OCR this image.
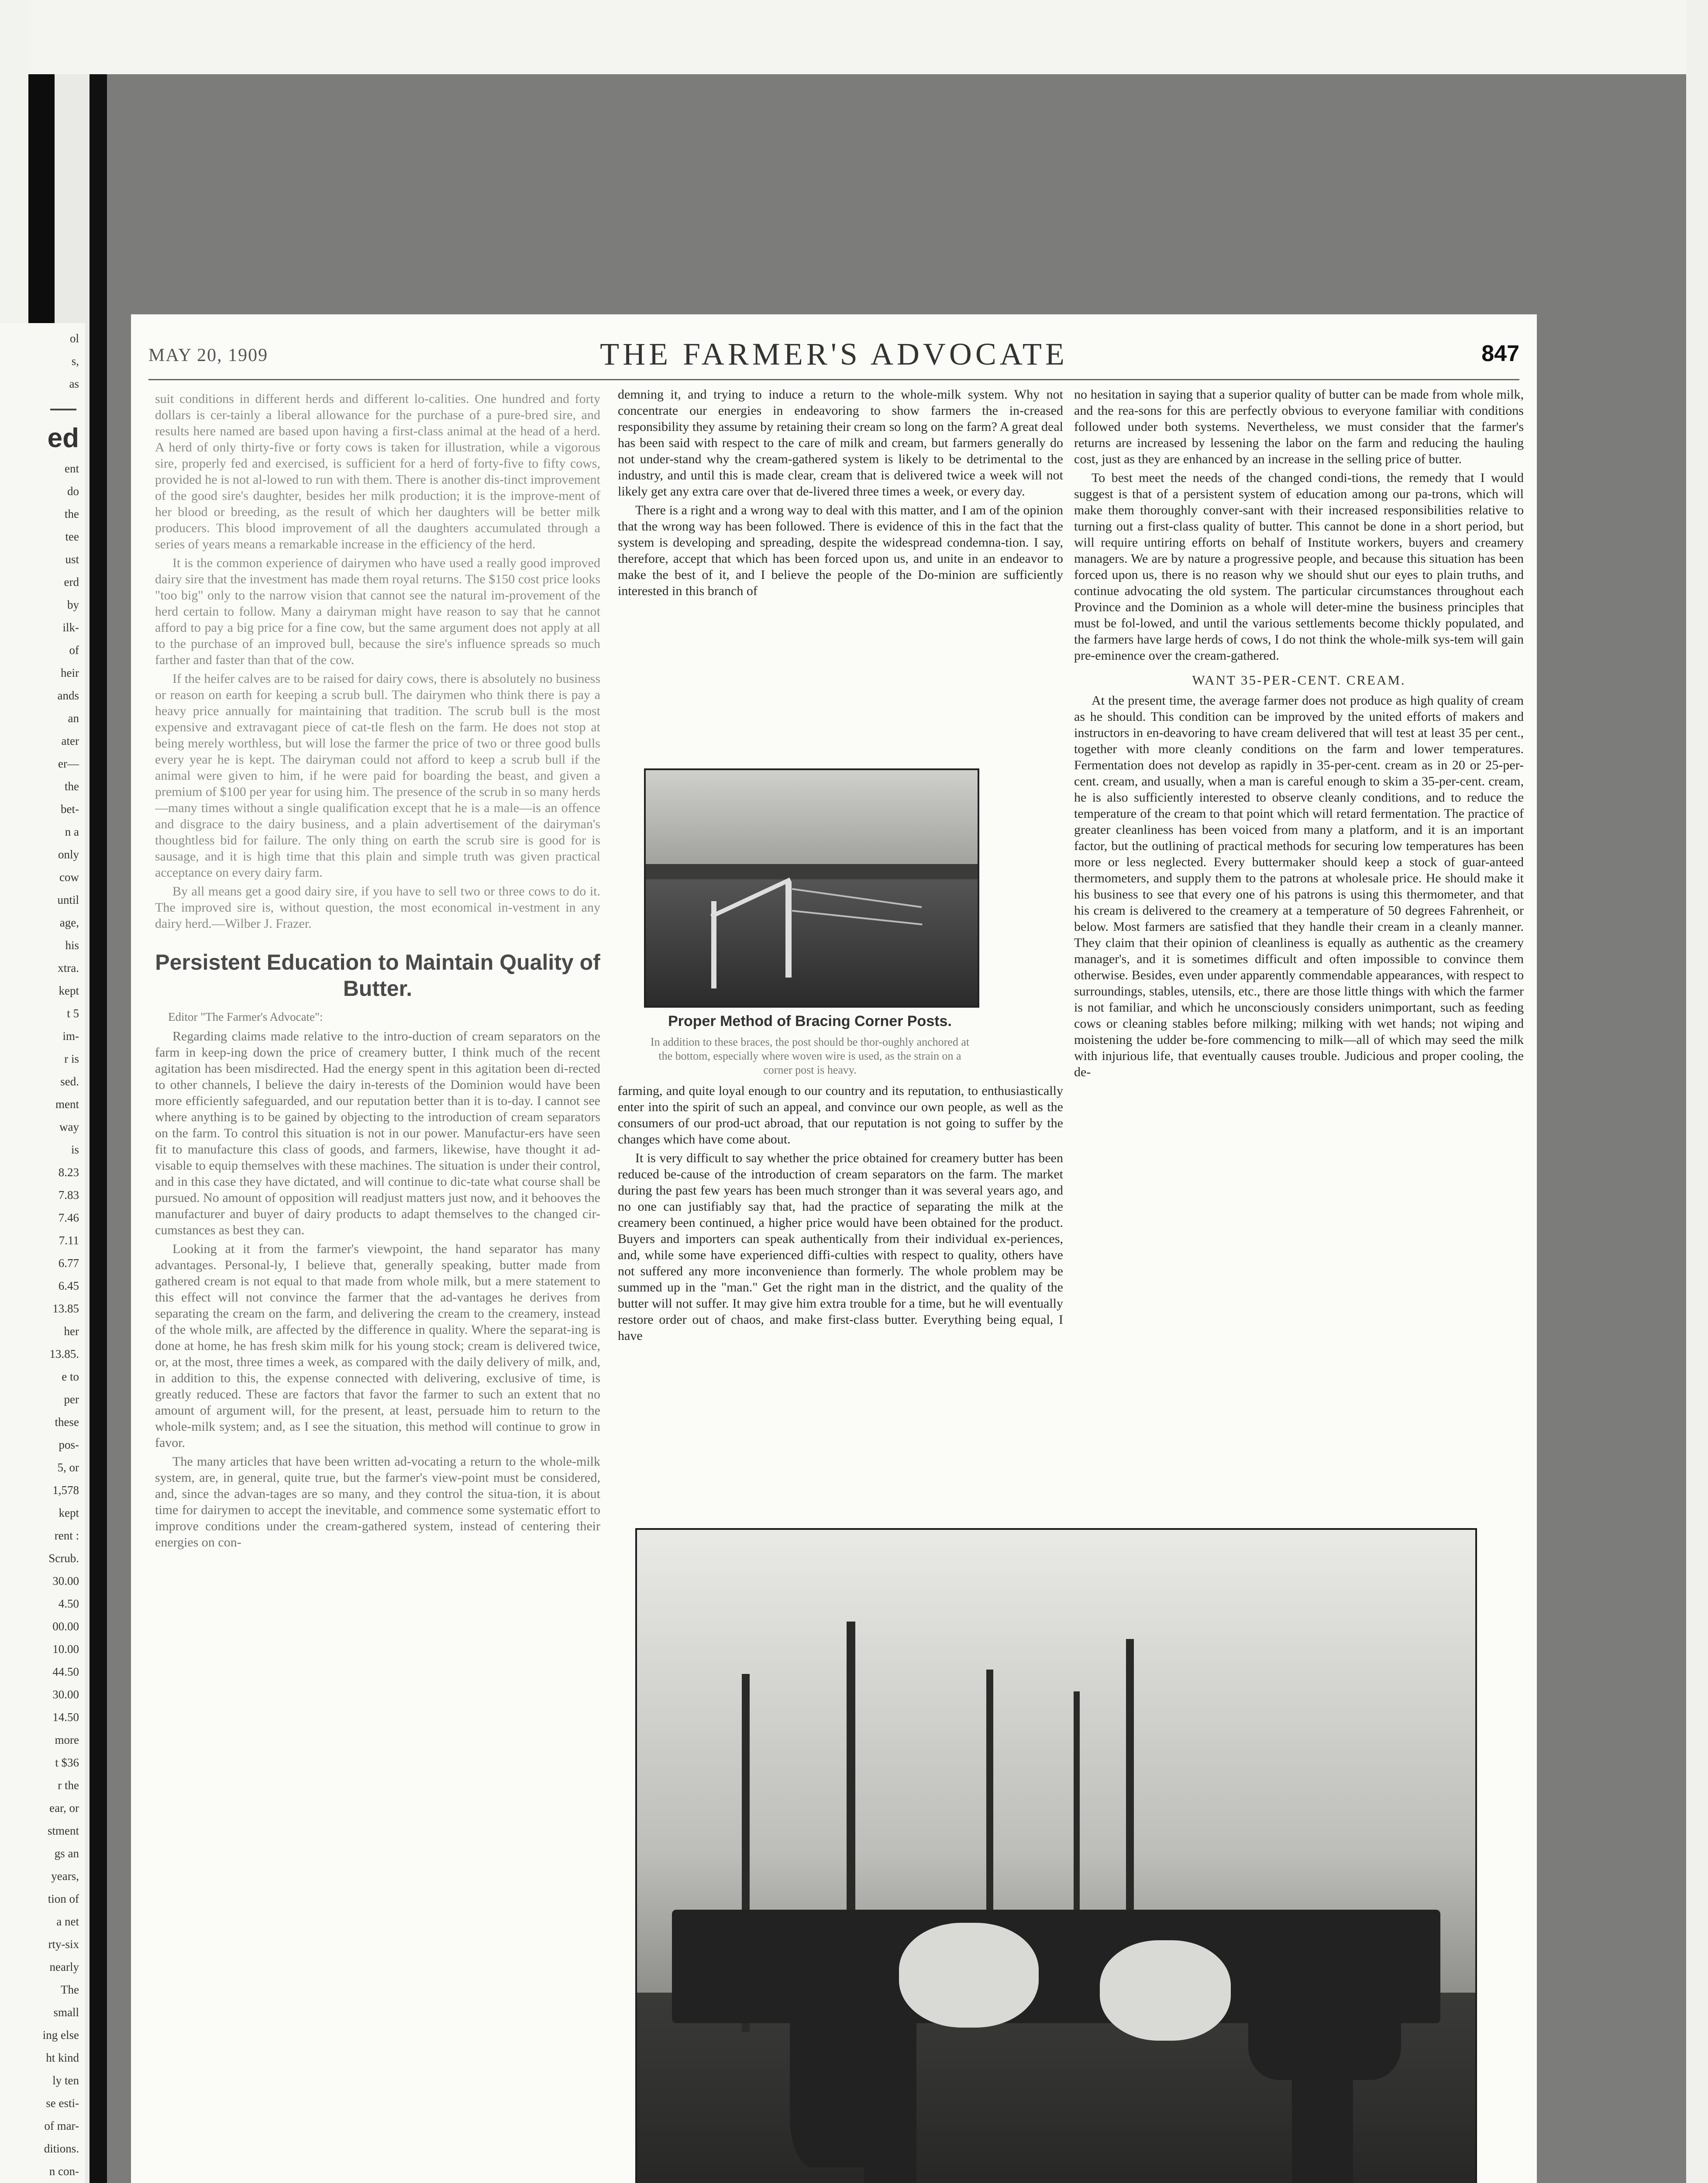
ol
s,
as
ed
ent
do
the
tee
ust
erd
by
ilk-
of
heir
ands
an
ater
er—
the
bet-
n a
only
cow
until
age,
his
xtra.
kept
t 5
im-
r is
sed.
ment
way
is
8.23
7.83
7.46
7.11
6.77
6.45
13.85
her
13.85.
e to
per
these
pos-
5, or
1,578
kept
rent :
Scrub.
30.00
4.50
00.00
10.00
44.50
30.00
14.50
more
t $36
r the
ear, or
stment
gs an
years,
tion of
a net
rty-six
nearly
The
small
ing else
ht kind
ly ten
se esti-
of mar-
ditions.
n con-
MAY 20, 1909	THE FARMER'S ADVOCATE	847

suit conditions in different herds and different lo-calities. One hundred and forty dollars is cer-tainly a liberal allowance for the purchase of a pure-bred sire, and results here named are based upon having a first-class animal at the head of a herd. A herd of only thirty-five or forty cows is taken for illustration, while a vigorous sire, properly fed and exercised, is sufficient for a herd of forty-five to fifty cows, provided he is not al-lowed to run with them. There is another dis-tinct improvement of the good sire's daughter, besides her milk production; it is the improve-ment of her blood or breeding, as the result of which her daughters will be better milk producers. This blood improvement of all the daughters accumulated through a series of years means a remarkable increase in the efficiency of the herd.

It is the common experience of dairymen who have used a really good improved dairy sire that the investment has made them royal returns. The $150 cost price looks "too big" only to the narrow vision that cannot see the natural im-provement of the herd certain to follow. Many a dairyman might have reason to say that he cannot afford to pay a big price for a fine cow, but the same argument does not apply at all to the purchase of an improved bull, because the sire's influence spreads so much farther and faster than that of the cow.

If the heifer calves are to be raised for dairy cows, there is absolutely no business or reason on earth for keeping a scrub bull. The dairymen who think there is pay a heavy price annually for maintaining that tradition. The scrub bull is the most expensive and extravagant piece of cat-tle flesh on the farm. He does not stop at being merely worthless, but will lose the farmer the price of two or three good bulls every year he is kept. The dairyman could not afford to keep a scrub bull if the animal were given to him, if he were paid for boarding the beast, and given a premium of $100 per year for using him. The presence of the scrub in so many herds—many times without a single qualification except that he is a male—is an offence and disgrace to the dairy business, and a plain advertisement of the dairyman's thoughtless bid for failure. The only thing on earth the scrub sire is good for is sausage, and it is high time that this plain and simple truth was given practical acceptance on every dairy farm.

By all means get a good dairy sire, if you have to sell two or three cows to do it. The improved sire is, without question, the most economical in-vestment in any dairy herd.—Wilber J. Frazer.

Persistent Education to Maintain Quality of Butter.
Editor "The Farmer's Advocate":

Regarding claims made relative to the intro-duction of cream separators on the farm in keep-ing down the price of creamery butter, I think much of the recent agitation has been misdirected. Had the energy spent in this agitation been di-rected to other channels, I believe the dairy in-terests of the Dominion would have been more efficiently safeguarded, and our reputation better than it is to-day. I cannot see where anything is to be gained by objecting to the introduction of cream separators on the farm. To control this situation is not in our power. Manufactur-ers have seen fit to manufacture this class of goods, and farmers, likewise, have thought it ad-visable to equip themselves with these machines. The situation is under their control, and in this case they have dictated, and will continue to dic-tate what course shall be pursued. No amount of opposition will readjust matters just now, and it behooves the manufacturer and buyer of dairy products to adapt themselves to the changed cir-cumstances as best they can.

Looking at it from the farmer's viewpoint, the hand separator has many advantages. Personal-ly, I believe that, generally speaking, butter made from gathered cream is not equal to that made from whole milk, but a mere statement to this effect will not convince the farmer that the ad-vantages he derives from separating the cream on the farm, and delivering the cream to the creamery, instead of the whole milk, are affected by the difference in quality. Where the separat-ing is done at home, he has fresh skim milk for his young stock; cream is delivered twice, or, at the most, three times a week, as compared with the daily delivery of milk, and, in addition to this, the expense connected with delivering, exclusive of time, is greatly reduced. These are factors that favor the farmer to such an extent that no amount of argument will, for the present, at least, persuade him to return to the whole-milk system; and, as I see the situation, this method will continue to grow in favor.

The many articles that have been written ad-vocating a return to the whole-milk system, are, in general, quite true, but the farmer's view-point must be considered, and, since the advan-tages are so many, and they control the situa-tion, it is about time for dairymen to accept the inevitable, and commence some systematic effort to improve conditions under the cream-gathered system, instead of centering their energies on con-

demning it, and trying to induce a return to the whole-milk system. Why not concentrate our energies in endeavoring to show farmers the in-creased responsibility they assume by retaining their cream so long on the farm? A great deal has been said with respect to the care of milk and cream, but farmers generally do not under-stand why the cream-gathered system is likely to be detrimental to the industry, and until this is made clear, cream that is delivered twice a week will not likely get any extra care over that de-livered three times a week, or every day.

There is a right and a wrong way to deal with this matter, and I am of the opinion that the wrong way has been followed. There is evidence of this in the fact that the system is developing and spreading, despite the widespread condemna-tion. I say, therefore, accept that which has been forced upon us, and unite in an endeavor to make the best of it, and I believe the people of the Do-minion are sufficiently interested in this branch of

Proper Method of Bracing Corner Posts.
In addition to these braces, the post should be thor-oughly anchored at the bottom, especially where woven wire is used, as the strain on a corner post is heavy.

farming, and quite loyal enough to our country and its reputation, to enthusiastically enter into the spirit of such an appeal, and convince our own people, as well as the consumers of our prod-uct abroad, that our reputation is not going to suffer by the changes which have come about.

It is very difficult to say whether the price obtained for creamery butter has been reduced be-cause of the introduction of cream separators on the farm. The market during the past few years has been much stronger than it was several years ago, and no one can justifiably say that, had the practice of separating the milk at the creamery been continued, a higher price would have been obtained for the product. Buyers and importers can speak authentically from their individual ex-periences, and, while some have experienced diffi-culties with respect to quality, others have not suffered any more inconvenience than formerly. The whole problem may be summed up in the "man." Get the right man in the district, and the quality of the butter will not suffer. It may give him extra trouble for a time, but he will eventually restore order out of chaos, and make first-class butter. Everything being equal, I have

no hesitation in saying that a superior quality of butter can be made from whole milk, and the rea-sons for this are perfectly obvious to everyone familiar with conditions followed under both systems. Nevertheless, we must consider that the farmer's returns are increased by lessening the labor on the farm and reducing the hauling cost, just as they are enhanced by an increase in the selling price of butter.

To best meet the needs of the changed condi-tions, the remedy that I would suggest is that of a persistent system of education among our pa-trons, which will make them thoroughly conver-sant with their increased responsibilities relative to turning out a first-class quality of butter. This cannot be done in a short period, but will require untiring efforts on behalf of Institute workers, buyers and creamery managers. We are by nature a progressive people, and because this situation has been forced upon us, there is no reason why we should shut our eyes to plain truths, and continue advocating the old system. The particular circumstances throughout each Province and the Dominion as a whole will deter-mine the business principles that must be fol-lowed, and until the various settlements become thickly populated, and the farmers have large herds of cows, I do not think the whole-milk sys-tem will gain pre-eminence over the cream-gathered.

WANT 35-PER-CENT. CREAM.

At the present time, the average farmer does not produce as high quality of cream as he should. This condition can be improved by the united efforts of makers and instructors in en-deavoring to have cream delivered that will test at least 35 per cent., together with more cleanly conditions on the farm and lower temperatures. Fermentation does not develop as rapidly in 35-per-cent. cream as in 20 or 25-per-cent. cream, and usually, when a man is careful enough to skim a 35-per-cent. cream, he is also sufficiently interested to observe cleanly conditions, and to reduce the temperature of the cream to that point which will retard fermentation. The practice of greater cleanliness has been voiced from many a platform, and it is an important factor, but the outlining of practical methods for securing low temperatures has been more or less neglected. Every buttermaker should keep a stock of guar-anteed thermometers, and supply them to the patrons at wholesale price. He should make it his business to see that every one of his patrons is using this thermometer, and that his cream is delivered to the creamery at a temperature of 50 degrees Fahrenheit, or below. Most farmers are satisfied that they handle their cream in a cleanly manner. They claim that their opinion of cleanliness is equally as authentic as the creamery manager's, and it is sometimes difficult and often impossible to convince them otherwise. Besides, even under apparently commendable appearances, with respect to surroundings, stables, utensils, etc., there are those little things with which the farmer is not familiar, and which he unconsciously considers unimportant, such as feeding cows or cleaning stables before milking; milking with wet hands; not wiping and moistening the udder be-fore commencing to milk—all of which may seed the milk with injurious life, that eventually causes trouble. Judicious and proper cooling, the de-
